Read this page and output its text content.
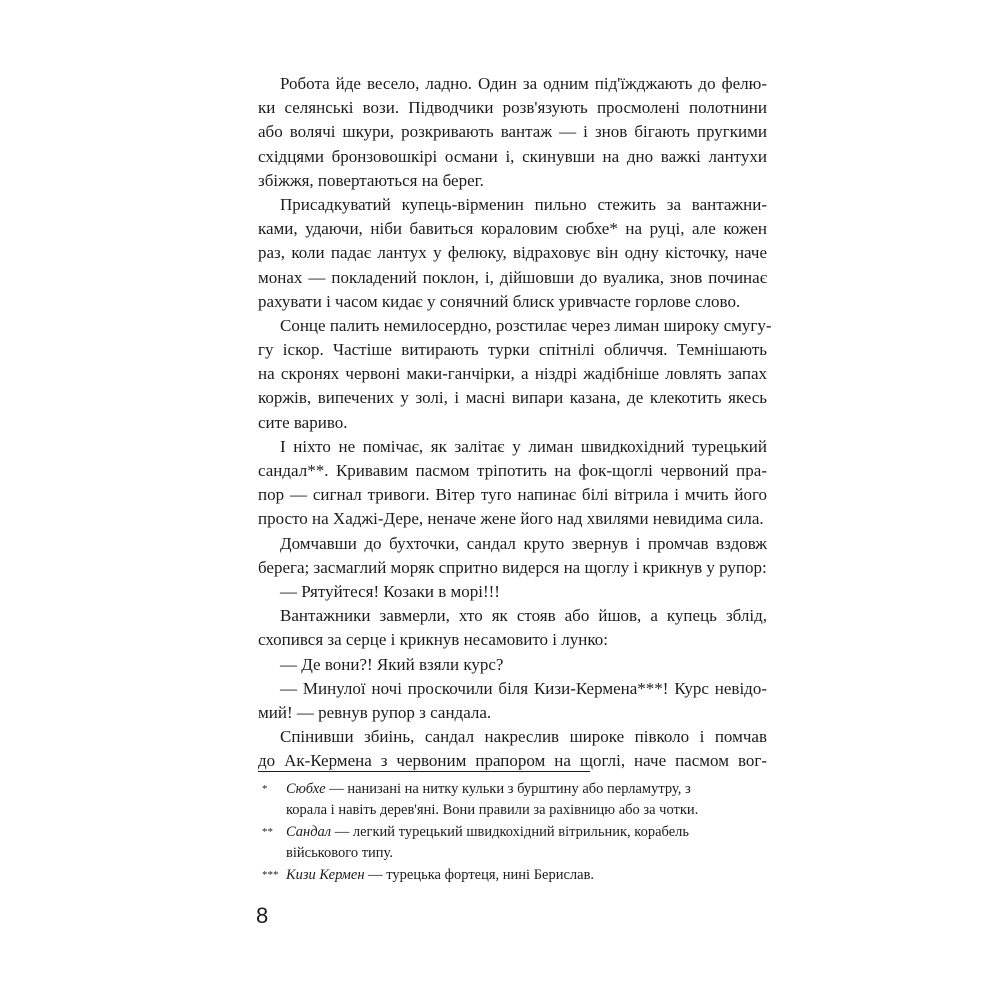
Робота йде весело, ладно. Один за одним під'їжджають до фелю-
ки селянські вози. Підводчики розв'язують просмолені полотнини
або волячі шкури, розкривають вантаж — і знов бігають пругкими
східцями бронзовошкірі османи і, скинувши на дно важкі лантухи
збіжжя, повертаються на берег.
Присадкуватий купець-вірменин пильно стежить за вантажни-
ками, удаючи, ніби бавиться кораловим сюбхе* на руці, але кожен
раз, коли падає лантух у фелюку, відраховує він одну кісточку, наче
монах — покладений поклон, і, дійшовши до вуалика, знов починає
рахувати і часом кидає у сонячний блиск уривчасте горлове слово.
Сонце палить немилосердно, розстилає через лиман широку смугу-
гу іскор. Частіше витирають турки спітнілі обличчя. Темнішають
на скронях червоні маки-ганчірки, а ніздрі жадібніше ловлять запах
коржів, випечених у золі, і масні випари казана, де клекотить якесь
сите вариво.
І ніхто не помічає, як залітає у лиман швидкохідний турецький
сандал**. Кривавим пасмом тріпотить на фок-щоглі червоний пра-
пор — сигнал тривоги. Вітер туго напинає білі вітрила і мчить його
просто на Хаджі-Дере, неначе жене його над хвилями невидима сила.
Домчавши до бухточки, сандал круто звернув і промчав вздовж
берега; засмаглий моряк спритно видерся на щоглу і крикнув у рупор:
— Рятуйтеся! Козаки в морі!!!
Вантажники завмерли, хто як стояв або йшов, а купець зблід,
схопився за серце і крикнув несамовито і лунко:
— Де вони?! Який взяли курс?
— Минулої ночі проскочили біля Кизи-Кермена***! Курс невідо-
мий! — ревнув рупор з сандала.
Спінивши збиінь, сандал накреслив широке півколо і помчав
до Ак-Кермена з червоним прапором на щоглі, наче пасмом вог-
* Сюбхе — нанизані на нитку кульки з бурштину або перламутру, з
корала і навіть дерев'яні. Вони правили за рахівницю або за чотки.
** Сандал — легкий турецький швидкохідний вітрильник, корабель
військового типу.
*** Кизи Кермен — турецька фортеця, нині Берислав.
8
